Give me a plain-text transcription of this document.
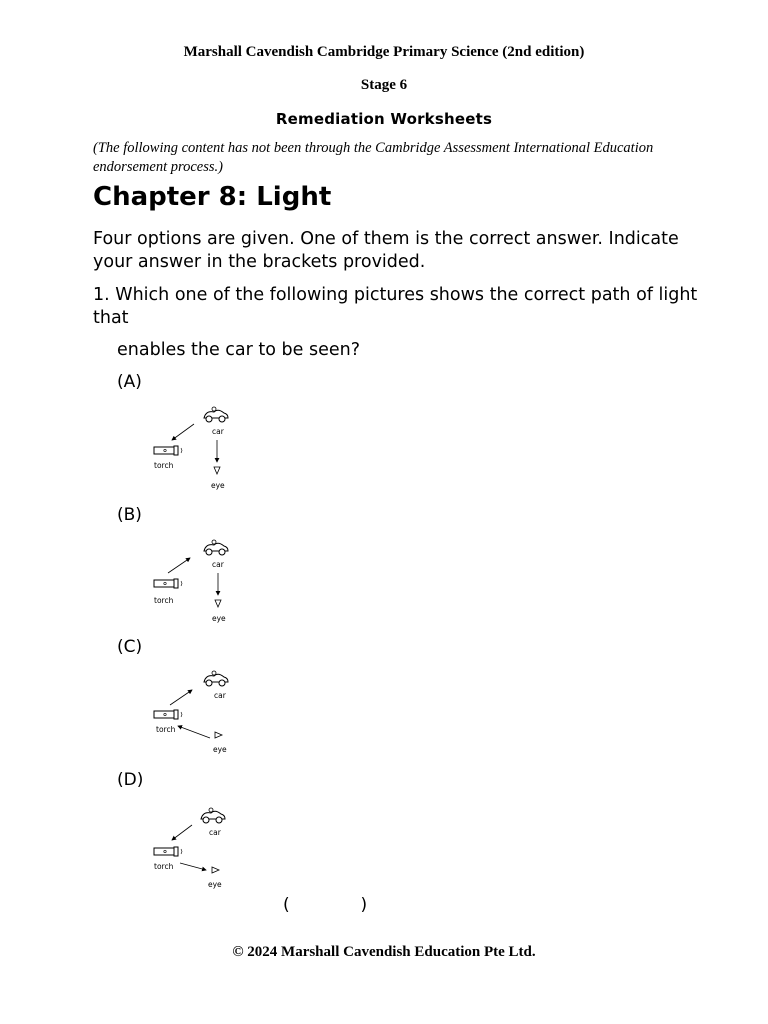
Marshall Cavendish Cambridge Primary Science (2nd edition)
Stage 6
Remediation Worksheets
(The following content has not been through the Cambridge Assessment International Education endorsement process.)
Chapter 8: Light
Four options are given. One of them is the correct answer. Indicate your answer in the brackets provided.
1. Which one of the following pictures shows the correct path of light that
enables the car to be seen?
(A)
car
torch
eye
(B)
car
torch
eye
(C)
car
torch
eye
(D)
car
torch
eye
(	)
© 2024 Marshall Cavendish Education Pte Ltd.
